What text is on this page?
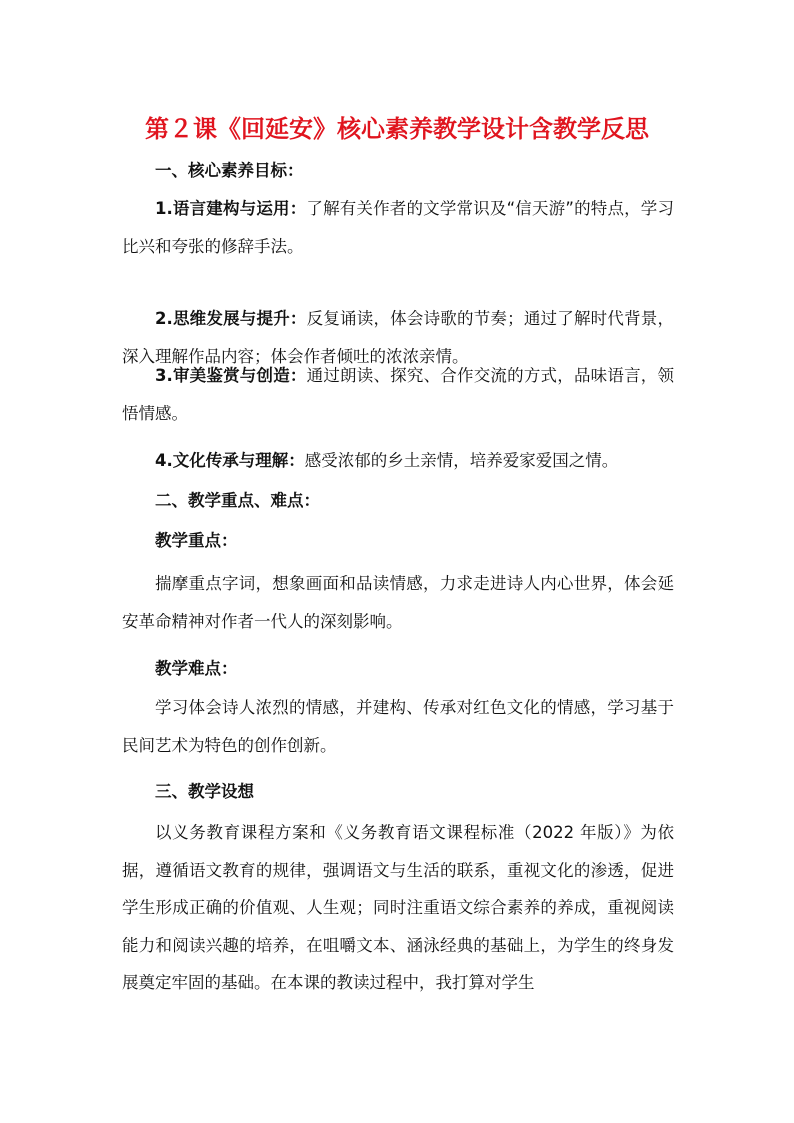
第２课《回延安》核心素养教学设计含教学反思
一、核心素养目标：
1.语言建构与运用：了解有关作者的文学常识及“信天游”的特点，学习比兴和夸张的修辞手法。
2.思维发展与提升：反复诵读，体会诗歌的节奏；通过了解时代背景，深入理解作品内容；体会作者倾吐的浓浓亲情。
3.审美鉴赏与创造：通过朗读、探究、合作交流的方式，品味语言，领悟情感。
4.文化传承与理解：感受浓郁的乡土亲情，培养爱家爱国之情。
二、教学重点、难点：
教学重点：
揣摩重点字词，想象画面和品读情感，力求走进诗人内心世界，体会延安革命精神对作者一代人的深刻影响。
教学难点：
学习体会诗人浓烈的情感，并建构、传承对红色文化的情感，学习基于民间艺术为特色的创作创新。
三、教学设想
以义务教育课程方案和《义务教育语文课程标准（2022 年版）》为依据，遵循语文教育的规律，强调语文与生活的联系，重视文化的渗透，促进学生形成正确的价值观、人生观；同时注重语文综合素养的养成，重视阅读能力和阅读兴趣的培养，在咀嚼文本、涵泳经典的基础上，为学生的终身发展奠定牢固的基础。在本课的教读过程中，我打算对学生
